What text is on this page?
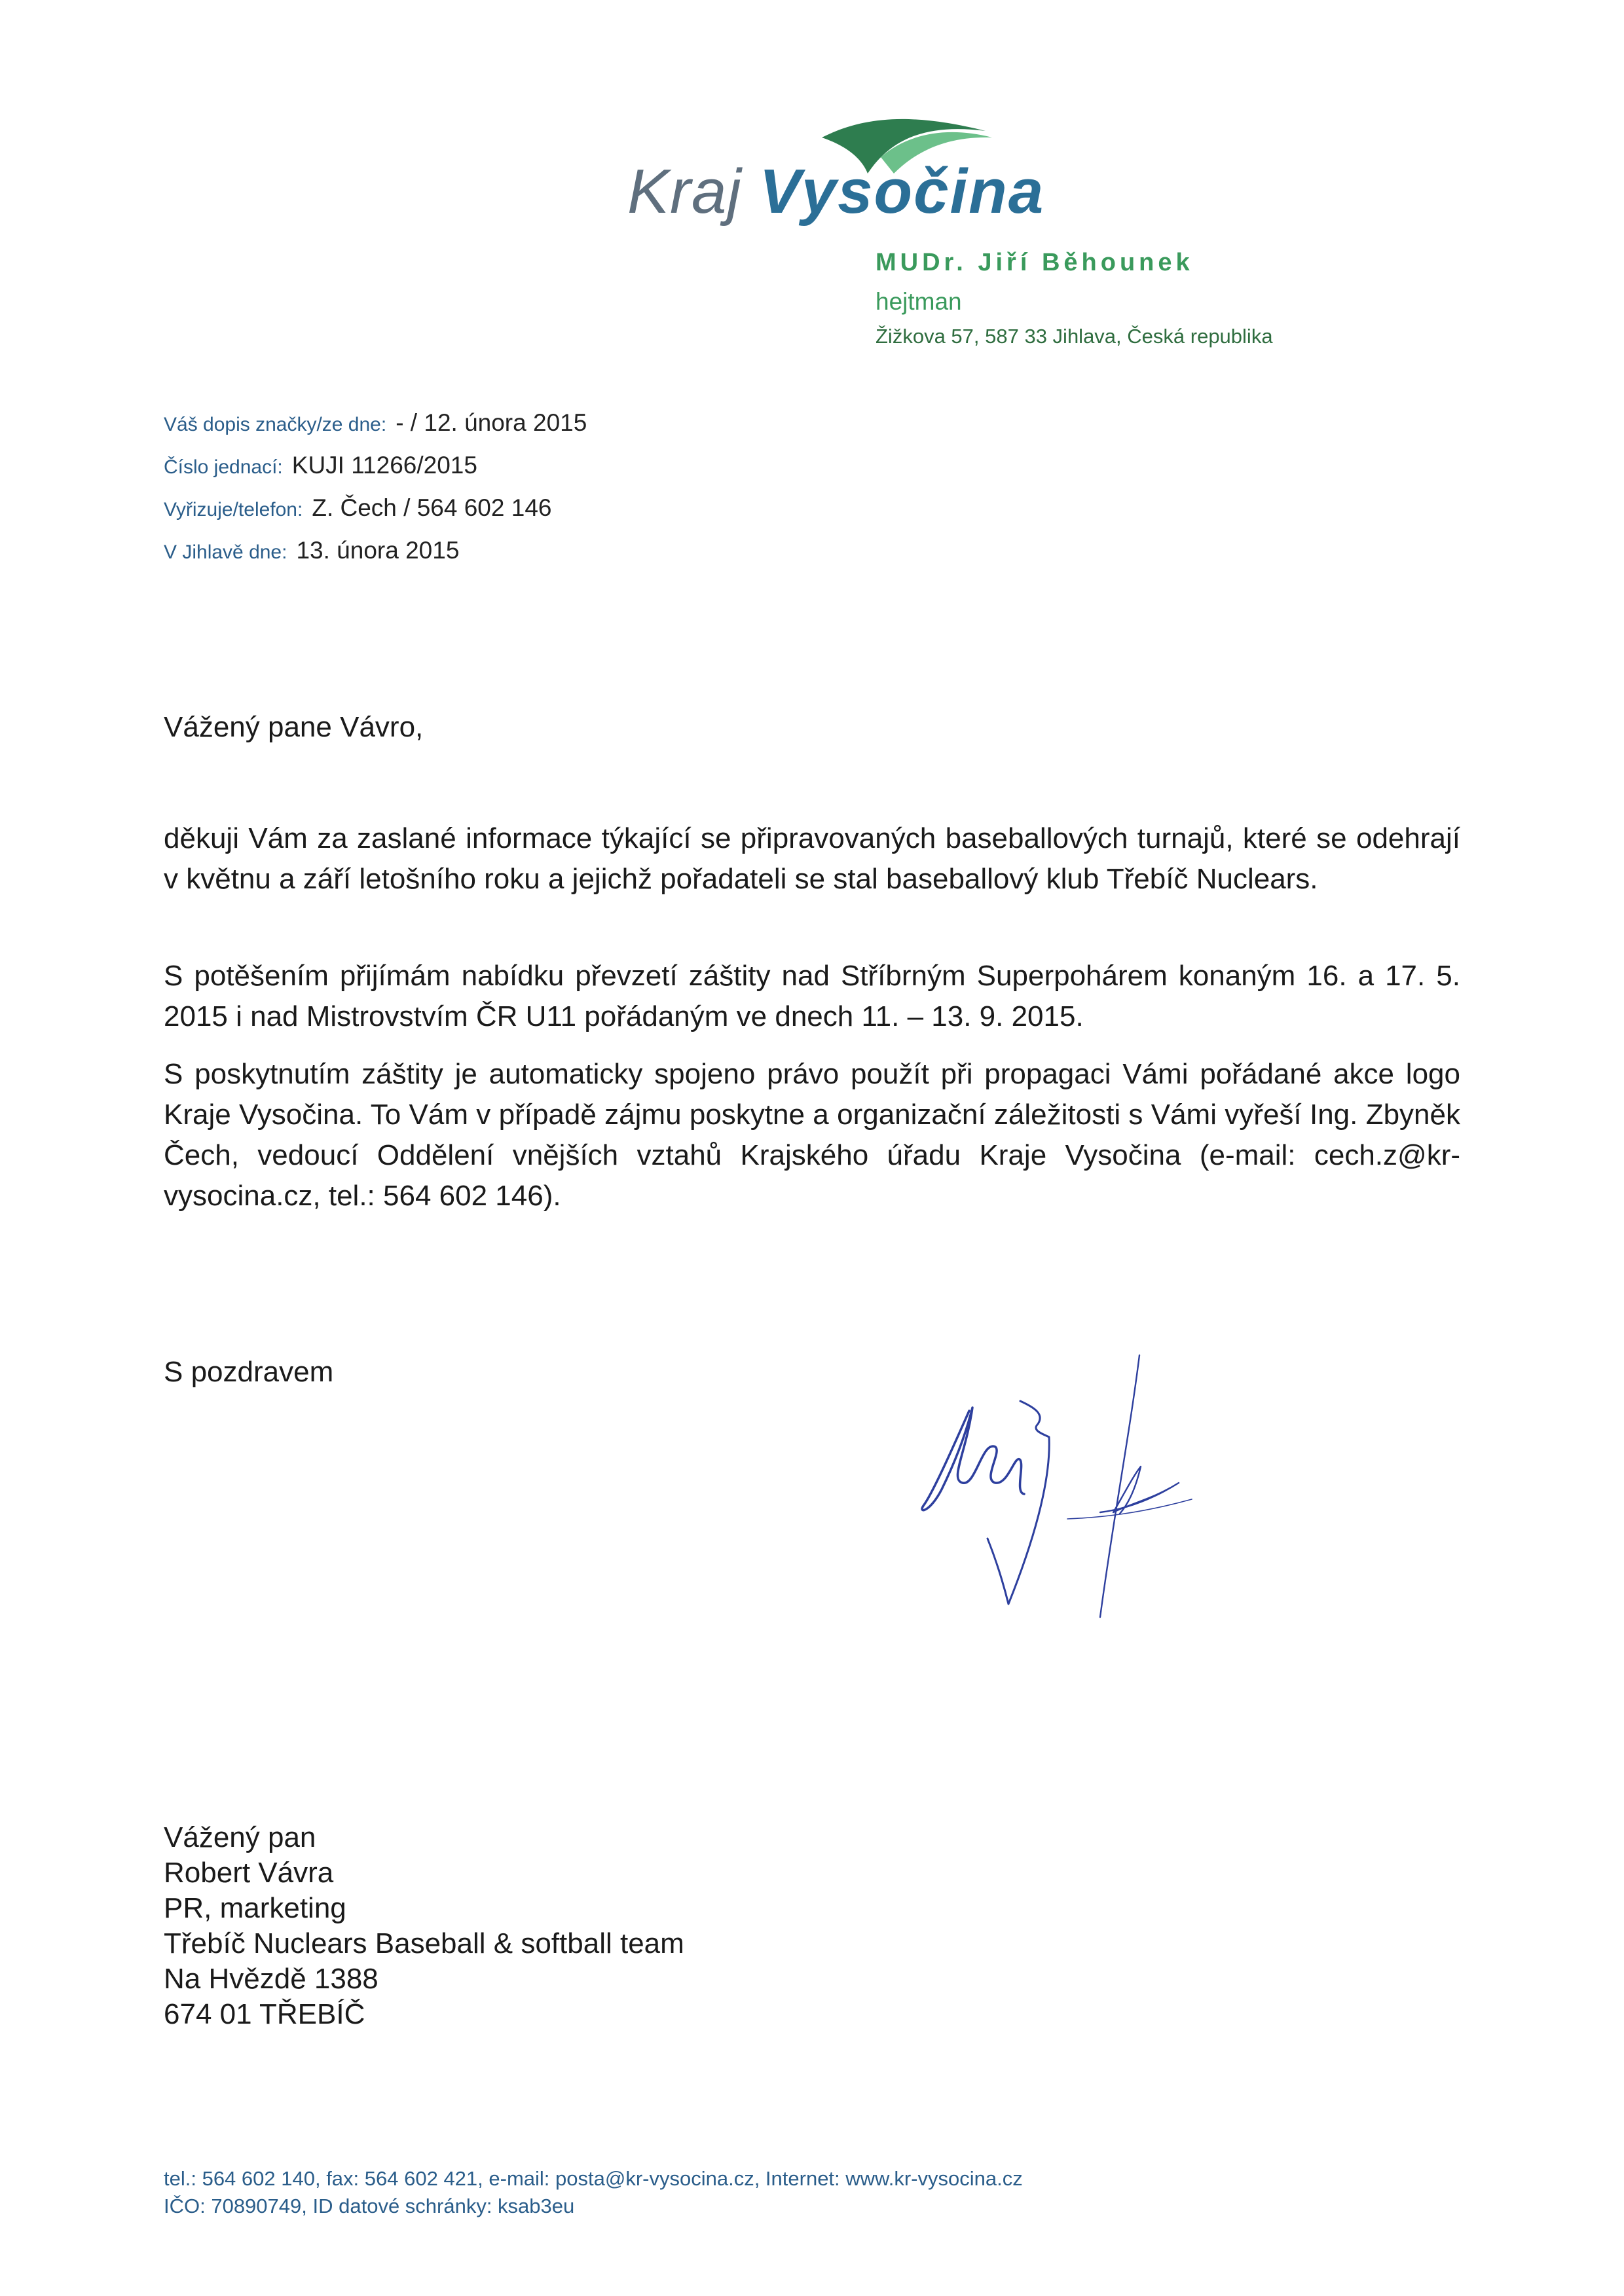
Kraj Vysočina
MUDr. Jiří Běhounek
hejtman
Žižkova 57, 587 33 Jihlava, Česká republika
Váš dopis značky/ze dne: - / 12. února 2015
Číslo jednací: KUJI 11266/2015
Vyřizuje/telefon: Z. Čech / 564 602 146
V Jihlavě dne: 13. února 2015
Vážený pane Vávro,
děkuji Vám za zaslané informace týkající se připravovaných baseballových turnajů, které se odehrají v květnu a září letošního roku a jejichž pořadateli se stal baseballový klub Třebíč Nuclears.
S potěšením přijímám nabídku převzetí záštity nad Stříbrným Superpohárem konaným 16. a 17. 5. 2015 i nad Mistrovstvím ČR U11 pořádaným ve dnech 11. – 13. 9. 2015.
S poskytnutím záštity je automaticky spojeno právo použít při propagaci Vámi pořádané akce logo Kraje Vysočina. To Vám v případě zájmu poskytne a organizační záležitosti s Vámi vyřeší Ing. Zbyněk Čech, vedoucí Oddělení vnějších vztahů Krajského úřadu Kraje Vysočina (e-mail: cech.z@kr-vysocina.cz, tel.: 564 602 146).
S pozdravem
Vážený pan
Robert Vávra
PR, marketing
Třebíč Nuclears Baseball & softball team
Na Hvězdě 1388
674 01 TŘEBÍČ
tel.: 564 602 140, fax: 564 602 421, e-mail: posta@kr-vysocina.cz, Internet: www.kr-vysocina.cz
IČO: 70890749, ID datové schránky: ksab3eu
